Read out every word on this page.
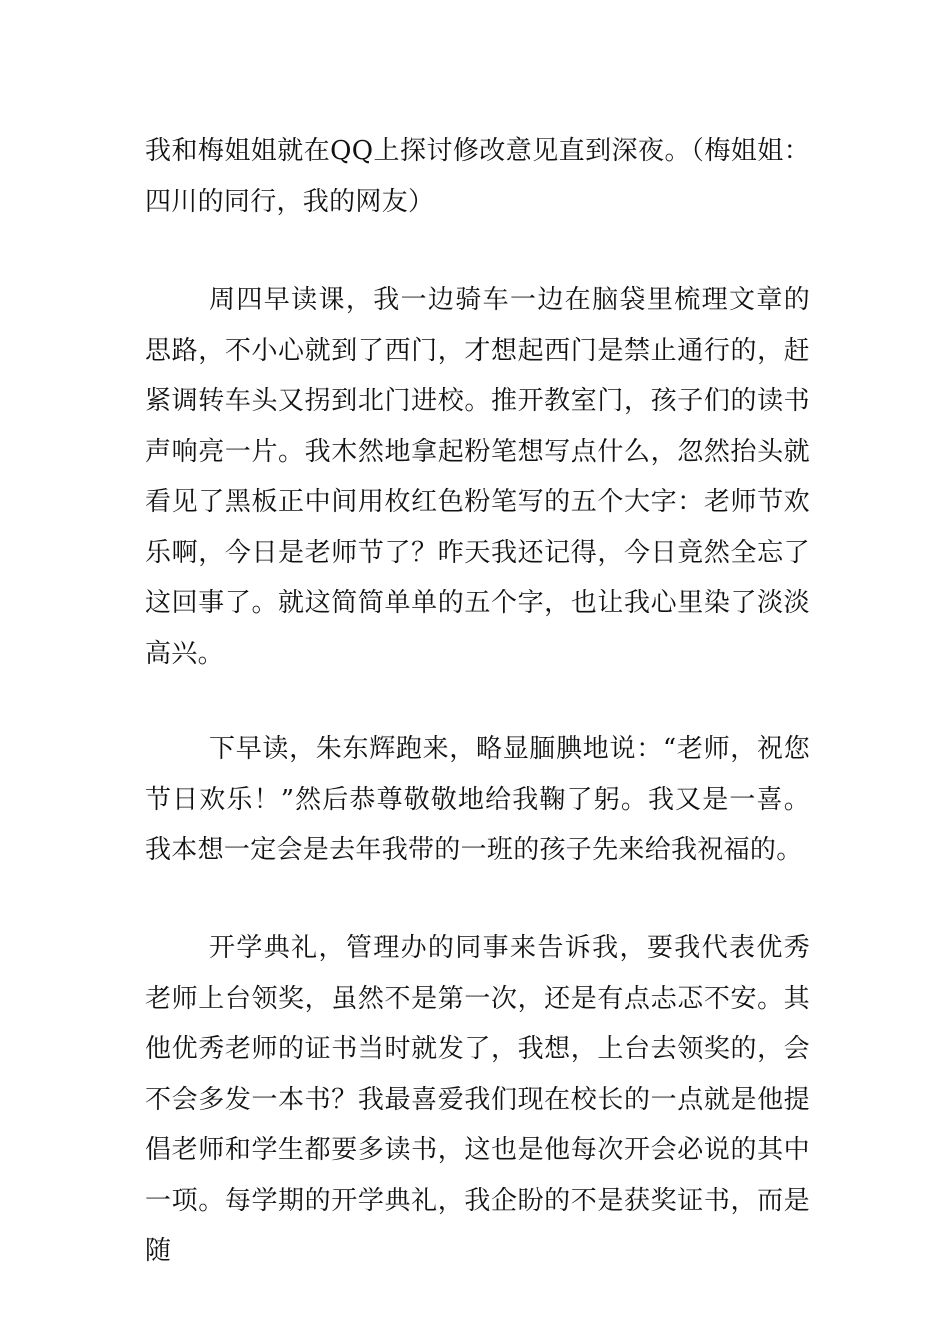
我和梅姐姐就在QQ上探讨修改意见直到深夜。（梅姐姐：四川的同行，我的网友）

周四早读课，我一边骑车一边在脑袋里梳理文章的思路，不小心就到了西门，才想起西门是禁止通行的，赶紧调转车头又拐到北门进校。推开教室门，孩子们的读书声响亮一片。我木然地拿起粉笔想写点什么，忽然抬头就看见了黑板正中间用枚红色粉笔写的五个大字：老师节欢乐啊，今日是老师节了？昨天我还记得，今日竟然全忘了这回事了。就这简简单单的五个字，也让我心里染了淡淡高兴。

下早读，朱东辉跑来，略显腼腆地说：“老师，祝您节日欢乐！”然后恭尊敬敬地给我鞠了躬。我又是一喜。我本想一定会是去年我带的一班的孩子先来给我祝福的。

开学典礼，管理办的同事来告诉我，要我代表优秀老师上台领奖，虽然不是第一次，还是有点忐忑不安。其他优秀老师的证书当时就发了，我想，上台去领奖的，会不会多发一本书？我最喜爱我们现在校长的一点就是他提倡老师和学生都要多读书，这也是他每次开会必说的其中一项。每学期的开学典礼，我企盼的不是获奖证书，而是随
